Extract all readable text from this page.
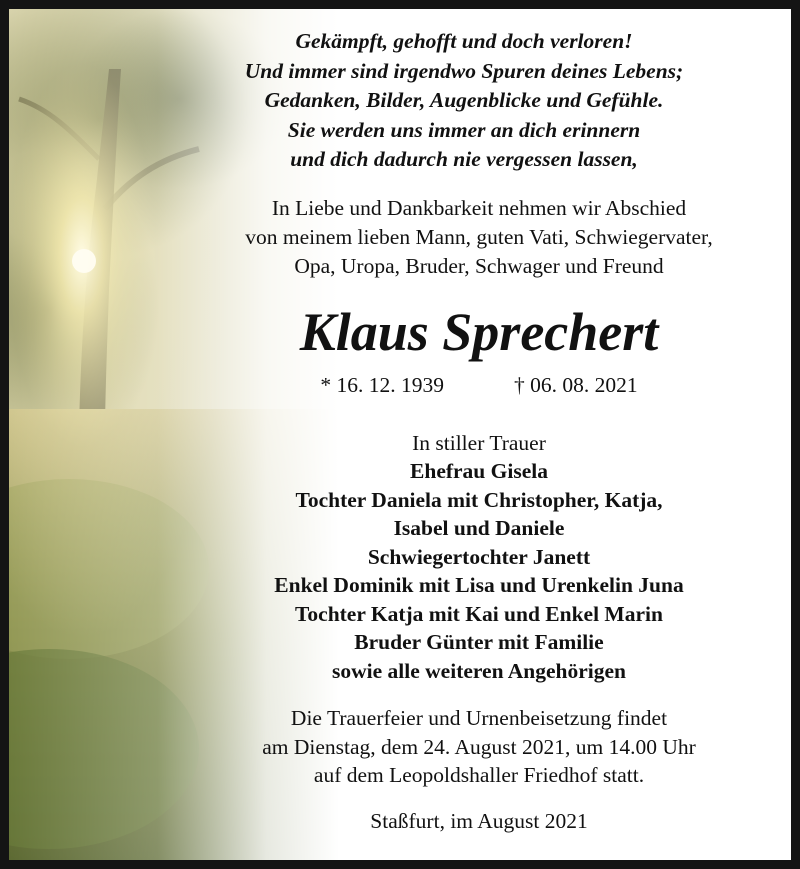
Gekämpft, gehofft und doch verloren!
Und immer sind irgendwo Spuren deines Lebens;
Gedanken, Bilder, Augenblicke und Gefühle.
Sie werden uns immer an dich erinnern
und dich dadurch nie vergessen lassen,
In Liebe und Dankbarkeit nehmen wir Abschied
von meinem lieben Mann, guten Vati, Schwiegervater,
Opa, Uropa, Bruder, Schwager und Freund
Klaus Sprechert
* 16. 12. 1939	† 06. 08. 2021
In stiller Trauer
Ehefrau Gisela
Tochter Daniela mit Christopher, Katja,
Isabel und Daniele
Schwiegertochter Janett
Enkel Dominik mit Lisa und Urenkelin Juna
Tochter Katja mit Kai und Enkel Marin
Bruder Günter mit Familie
sowie alle weiteren Angehörigen
Die Trauerfeier und Urnenbeisetzung findet
am Dienstag, dem 24. August 2021, um 14.00 Uhr
auf dem Leopoldshaller Friedhof statt.
Staßfurt, im August 2021
